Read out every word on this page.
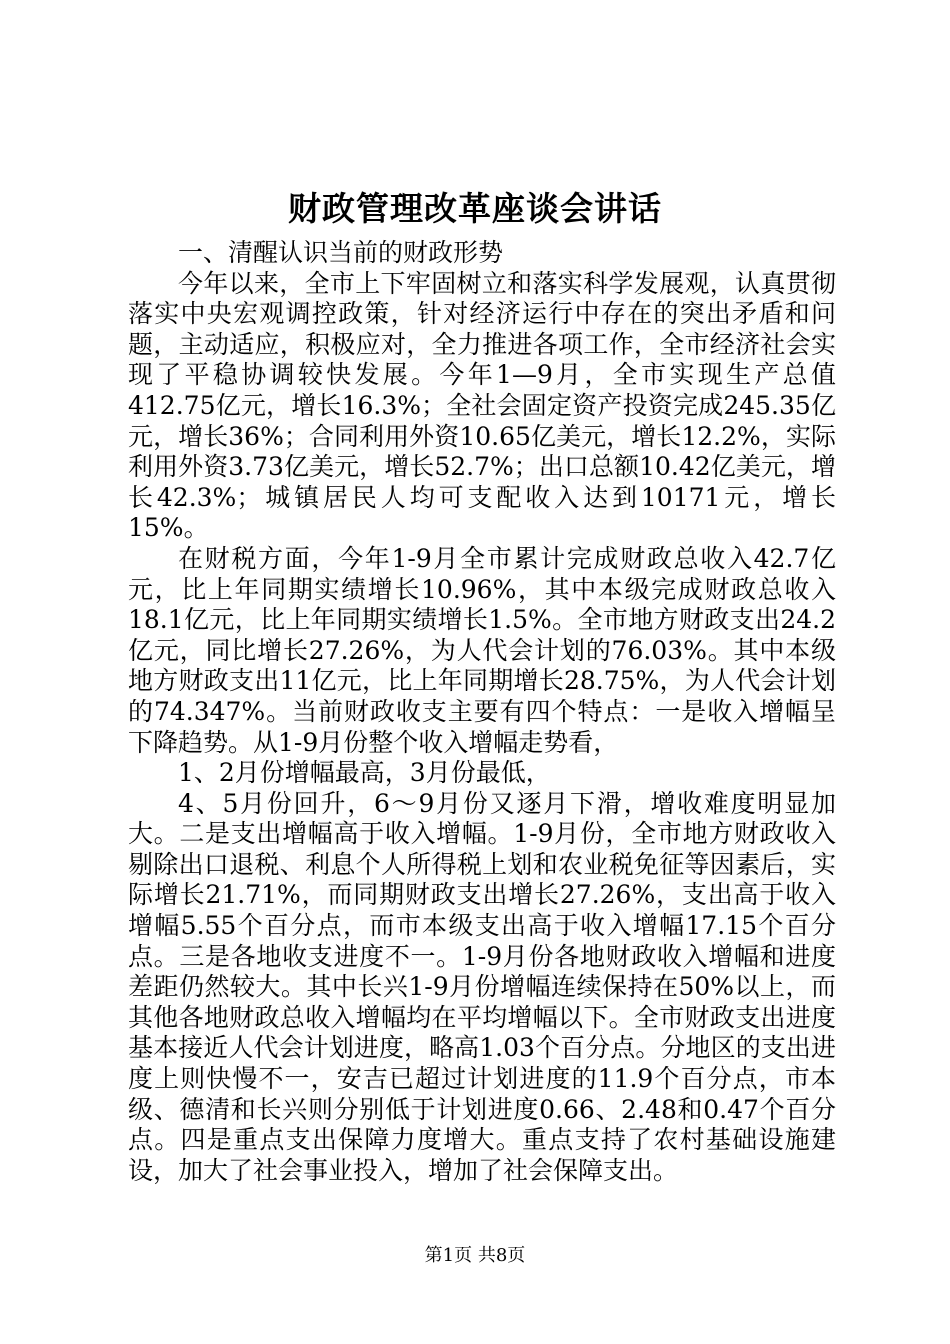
财政管理改革座谈会讲话

一、清醒认识当前的财政形势

今年以来，全市上下牢固树立和落实科学发展观，认真贯彻落实中央宏观调控政策，针对经济运行中存在的突出矛盾和问题，主动适应，积极应对，全力推进各项工作，全市经济社会实现了平稳协调较快发展。今年1—9月，全市实现生产总值412.75亿元，增长16.3%；全社会固定资产投资完成245.35亿元，增长36%；合同利用外资10.65亿美元，增长12.2%，实际利用外资3.73亿美元，增长52.7%；出口总额10.42亿美元，增长42.3%；城镇居民人均可支配收入达到10171元，增长15%。

在财税方面，今年1-9月全市累计完成财政总收入42.7亿元，比上年同期实绩增长10.96%，其中本级完成财政总收入18.1亿元，比上年同期实绩增长1.5%。全市地方财政支出24.2亿元，同比增长27.26%，为人代会计划的76.03%。其中本级地方财政支出11亿元，比上年同期增长28.75%，为人代会计划的74.347%。当前财政收支主要有四个特点：一是收入增幅呈下降趋势。从1-9月份整个收入增幅走势看，

1、2月份增幅最高，3月份最低，

4、5月份回升，6～9月份又逐月下滑，增收难度明显加大。二是支出增幅高于收入增幅。1-9月份，全市地方财政收入剔除出口退税、利息个人所得税上划和农业税免征等因素后，实际增长21.71%，而同期财政支出增长27.26%，支出高于收入增幅5.55个百分点，而市本级支出高于收入增幅17.15个百分点。三是各地收支进度不一。1-9月份各地财政收入增幅和进度差距仍然较大。其中长兴1-9月份增幅连续保持在50%以上，而其他各地财政总收入增幅均在平均增幅以下。全市财政支出进度基本接近人代会计划进度，略高1.03个百分点。分地区的支出进度上则快慢不一，安吉已超过计划进度的11.9个百分点，市本级、德清和长兴则分别低于计划进度0.66、2.48和0.47个百分点。四是重点支出保障力度增大。重点支持了农村基础设施建设，加大了社会事业投入，增加了社会保障支出。

第1页 共8页
